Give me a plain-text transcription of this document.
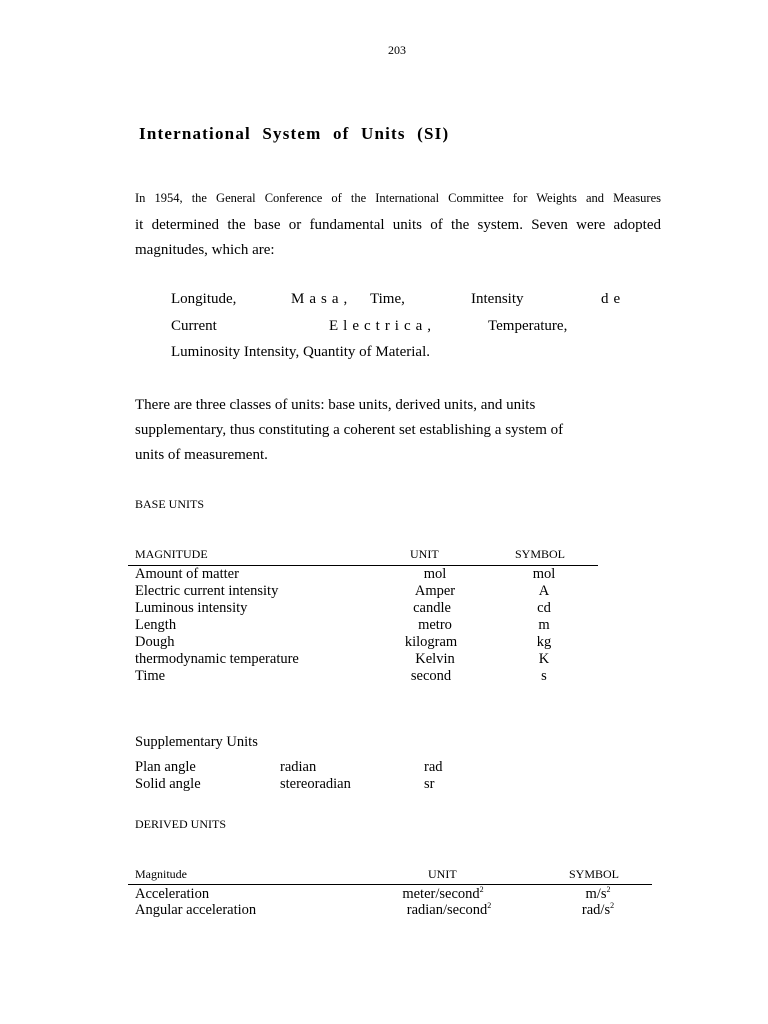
203
International System of Units (SI)
In 1954, the General Conference of the International Committee for Weights and Measures
it determined the base or fundamental units of the system. Seven were adopted
magnitudes, which are:
Longitude,	Masa, Time,	Intensity	de
Current	Electrica,	Temperature,
Luminosity Intensity, Quantity of Material.
There are three classes of units: base units, derived units, and units
supplementary, thus constituting a coherent set establishing a system of
units of measurement.
BASE UNITS
MAGNITUDE	UNIT	SYMBOL
Amount of matter	mol	mol
Electric current intensity	Amper	A
Luminous intensity	candle	cd
Length	metro	m
Dough	kilogram	kg
thermodynamic temperature	Kelvin	K
Time	second	s
Supplementary Units
Plan angle	radian	rad
Solid angle	stereoradian	sr
DERIVED UNITS
Magnitude	UNIT	SYMBOL
Acceleration	meter/second$^2$	$m/s^2$
Angular acceleration	radian/second$^2$	rad/$s^2$
